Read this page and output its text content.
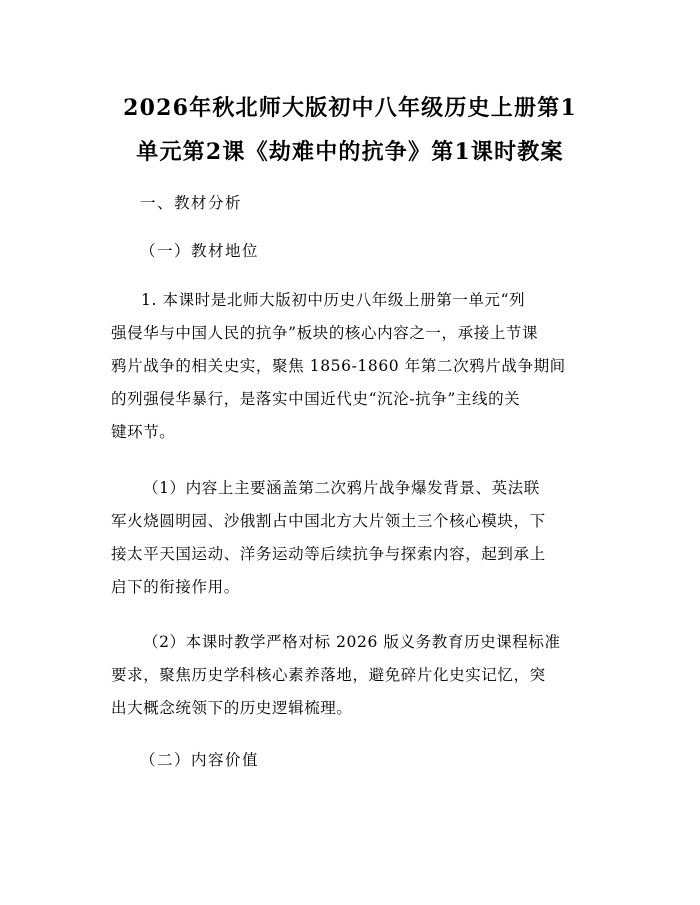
2026年秋北师大版初中八年级历史上册第1
单元第2课《劫难中的抗争》第1课时教案

一、教材分析

（一）教材地位

1. 本课时是北师大版初中历史八年级上册第一单元“列
强侵华与中国人民的抗争”板块的核心内容之一，承接上节课
鸦片战争的相关史实，聚焦 1856-1860 年第二次鸦片战争期间
的列强侵华暴行，是落实中国近代史“沉沦-抗争”主线的关
键环节。

（1）内容上主要涵盖第二次鸦片战争爆发背景、英法联
军火烧圆明园、沙俄割占中国北方大片领土三个核心模块，下
接太平天国运动、洋务运动等后续抗争与探索内容，起到承上
启下的衔接作用。

（2）本课时教学严格对标 2026 版义务教育历史课程标准
要求，聚焦历史学科核心素养落地，避免碎片化史实记忆，突
出大概念统领下的历史逻辑梳理。

（二）内容价值
